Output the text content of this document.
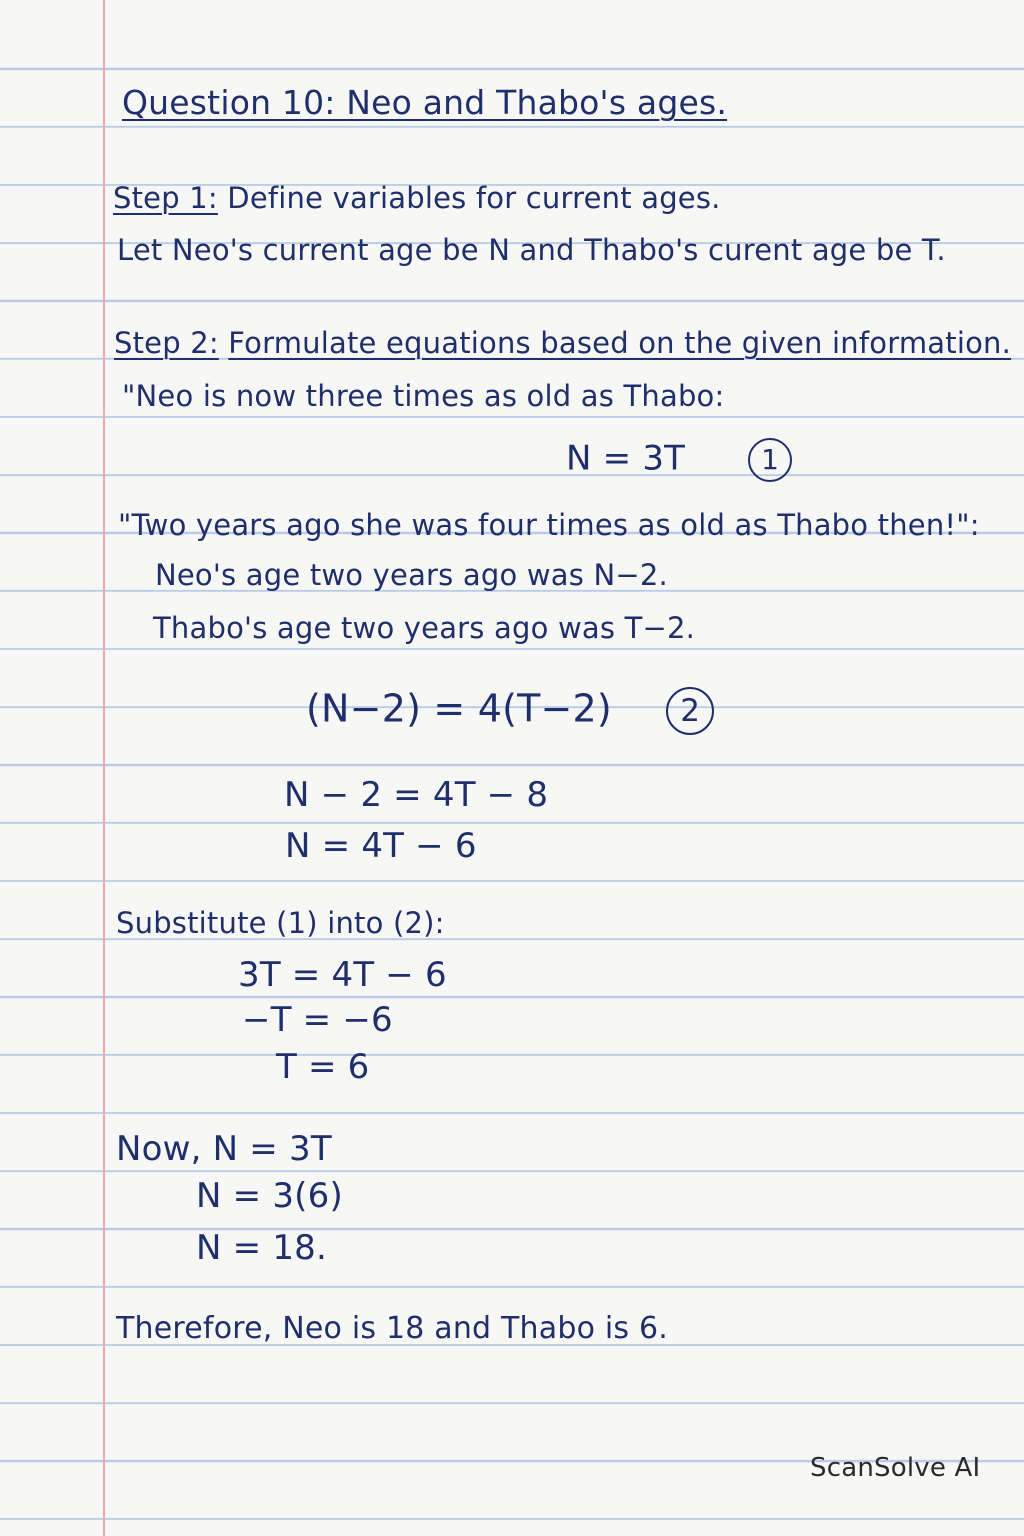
Question 10: Neo and Thabo's ages.
Step 1: Define variables for current ages.
Let Neo's current age be N and Thabo's curent age be T.
Step 2: Formulate equations based on the given information.
"Neo is now three times as old as Thabo:
N = 3T	1
"Two years ago she was four times as old as Thabo then!":
Neo's age two years ago was N−2.
Thabo's age two years ago was T−2.
(N−2) = 4(T−2) 2
N − 2 = 4T − 8
N = 4T − 6
Substitute (1) into (2):
3T = 4T − 6
−T = −6
T = 6
Now, N = 3T
N = 3(6)
N = 18.
Therefore, Neo is 18 and Thabo is 6.
ScanSolve AI
